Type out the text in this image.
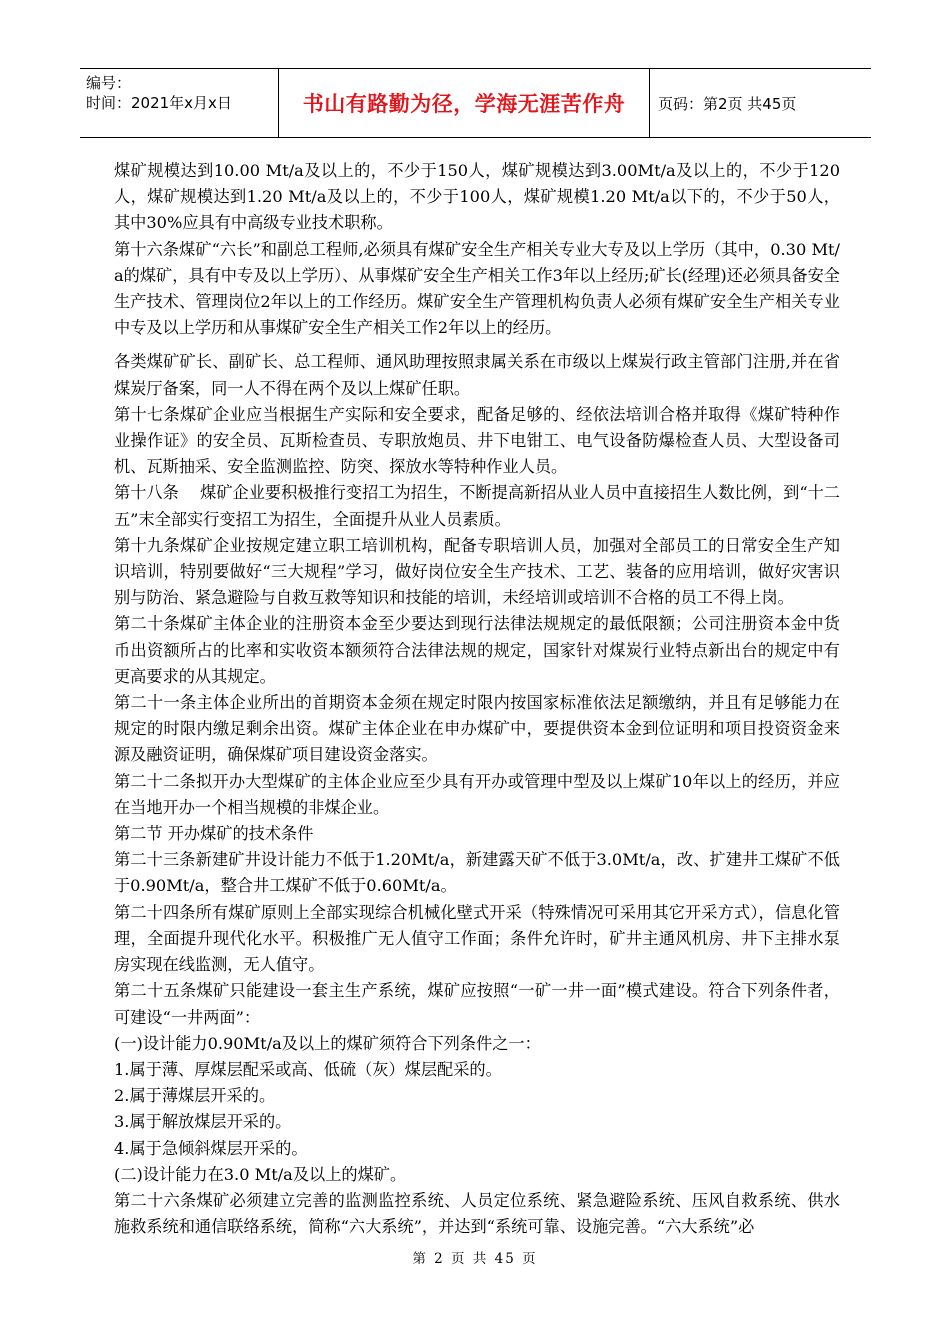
编号：
时间：2021年x月x日	书山有路勤为径，学海无涯苦作舟	页码：第2页 共45页

煤矿规模达到10.00 Mt/a及以上的，不少于150人，煤矿规模达到3.00Mt/a及以上的，不少于120人，煤矿规模达到1.20 Mt/a及以上的，不少于100人，煤矿规模1.20 Mt/a以下的，不少于50人，其中30%应具有中高级专业技术职称。

第十六条煤矿“六长”和副总工程师,必须具有煤矿安全生产相关专业大专及以上学历（其中，0.30 Mt/a的煤矿，具有中专及以上学历）、从事煤矿安全生产相关工作3年以上经历;矿长(经理)还必须具备安全生产技术、管理岗位2年以上的工作经历。煤矿安全生产管理机构负责人必须有煤矿安全生产相关专业中专及以上学历和从事煤矿安全生产相关工作2年以上的经历。

各类煤矿矿长、副矿长、总工程师、通风助理按照隶属关系在市级以上煤炭行政主管部门注册,并在省煤炭厅备案，同一人不得在两个及以上煤矿任职。

第十七条煤矿企业应当根据生产实际和安全要求，配备足够的、经依法培训合格并取得《煤矿特种作业操作证》的安全员、瓦斯检查员、专职放炮员、井下电钳工、电气设备防爆检查人员、大型设备司机、瓦斯抽采、安全监测监控、防突、探放水等特种作业人员。

第十八条　 煤矿企业要积极推行变招工为招生，不断提高新招从业人员中直接招生人数比例，到“十二五”末全部实行变招工为招生，全面提升从业人员素质。

第十九条煤矿企业按规定建立职工培训机构，配备专职培训人员，加强对全部员工的日常安全生产知识培训，特别要做好“三大规程”学习，做好岗位安全生产技术、工艺、装备的应用培训，做好灾害识别与防治、紧急避险与自救互救等知识和技能的培训，未经培训或培训不合格的员工不得上岗。

第二十条煤矿主体企业的注册资本金至少要达到现行法律法规规定的最低限额；公司注册资本金中货币出资额所占的比率和实收资本额须符合法律法规的规定，国家针对煤炭行业特点新出台的规定中有更高要求的从其规定。

第二十一条主体企业所出的首期资本金须在规定时限内按国家标准依法足额缴纳，并且有足够能力在规定的时限内缴足剩余出资。煤矿主体企业在申办煤矿中，要提供资本金到位证明和项目投资资金来源及融资证明，确保煤矿项目建设资金落实。

第二十二条拟开办大型煤矿的主体企业应至少具有开办或管理中型及以上煤矿10年以上的经历，并应在当地开办一个相当规模的非煤企业。

第二节 开办煤矿的技术条件

第二十三条新建矿井设计能力不低于1.20Mt/a，新建露天矿不低于3.0Mt/a，改、扩建井工煤矿不低于0.90Mt/a，整合井工煤矿不低于0.60Mt/a。

第二十四条所有煤矿原则上全部实现综合机械化壁式开采（特殊情况可采用其它开采方式），信息化管理，全面提升现代化水平。积极推广无人值守工作面；条件允许时，矿井主通风机房、井下主排水泵房实现在线监测，无人值守。

第二十五条煤矿只能建设一套主生产系统，煤矿应按照“一矿一井一面”模式建设。符合下列条件者，可建设“一井两面”：

(一)设计能力0.90Mt/a及以上的煤矿须符合下列条件之一：

1.属于薄、厚煤层配采或高、低硫（灰）煤层配采的。

2.属于薄煤层开采的。

3.属于解放煤层开采的。

4.属于急倾斜煤层开采的。

(二)设计能力在3.0 Mt/a及以上的煤矿。

第二十六条煤矿必须建立完善的监测监控系统、人员定位系统、紧急避险系统、压风自救系统、供水施救系统和通信联络系统，简称“六大系统”，并达到“系统可靠、设施完善。“六大系统”必

第 2 页 共 45 页
